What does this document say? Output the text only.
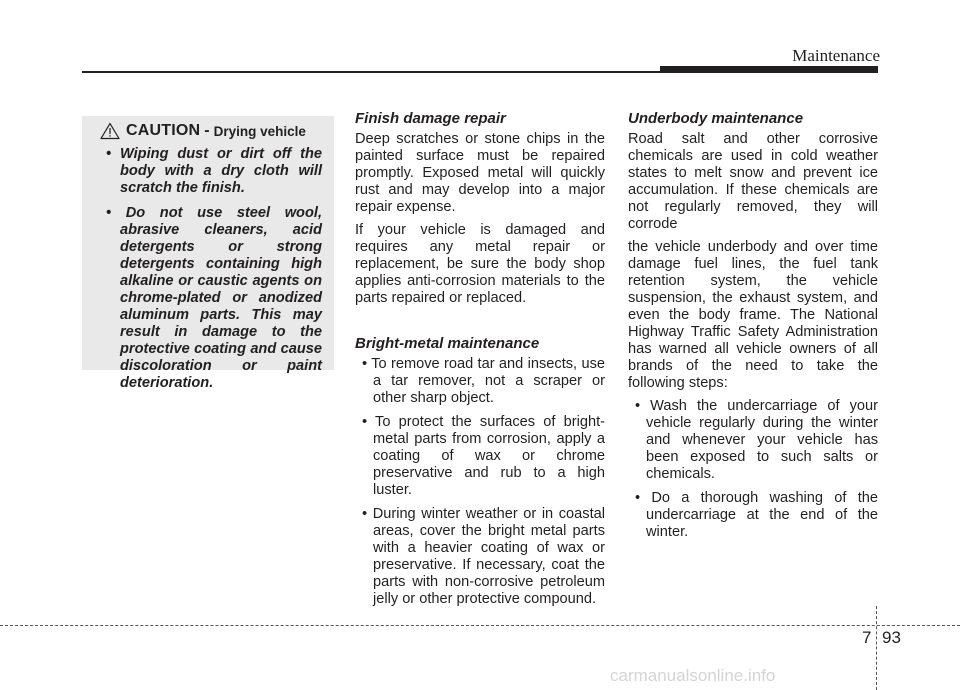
Maintenance
CAUTION - Drying vehicle
• Wiping dust or dirt off the body with a dry cloth will scratch the finish.
• Do not use steel wool, abrasive cleaners, acid detergents or strong detergents containing high alkaline or caustic agents on chrome-plated or anodized aluminum parts. This may result in damage to the protective coating and cause discoloration or paint deterioration.
Finish damage repair

Deep scratches or stone chips in the painted surface must be repaired promptly. Exposed metal will quickly rust and may develop into a major repair expense.

If your vehicle is damaged and requires any metal repair or replacement, be sure the body shop applies anti-corrosion materials to the parts repaired or replaced.

Bright-metal maintenance
• To remove road tar and insects, use a tar remover, not a scraper or other sharp object.
• To protect the surfaces of bright-metal parts from corrosion, apply a coating of wax or chrome preservative and rub to a high luster.
• During winter weather or in coastal areas, cover the bright metal parts with a heavier coating of wax or preservative. If necessary, coat the parts with non-corrosive petroleum jelly or other protective compound.
Underbody maintenance

Road salt and other corrosive chemicals are used in cold weather states to melt snow and prevent ice accumulation. If these chemicals are not regularly removed, they will corrode

the vehicle underbody and over time damage fuel lines, the fuel tank retention system, the vehicle suspension, the exhaust system, and even the body frame. The National Highway Traffic Safety Administration has warned all vehicle owners of all brands of the need to take the following steps:

• Wash the undercarriage of your vehicle regularly during the winter and whenever your vehicle has been exposed to such salts or chemicals.
• Do a thorough washing of the undercarriage at the end of the winter.
7 93
carmanualsonline.info
